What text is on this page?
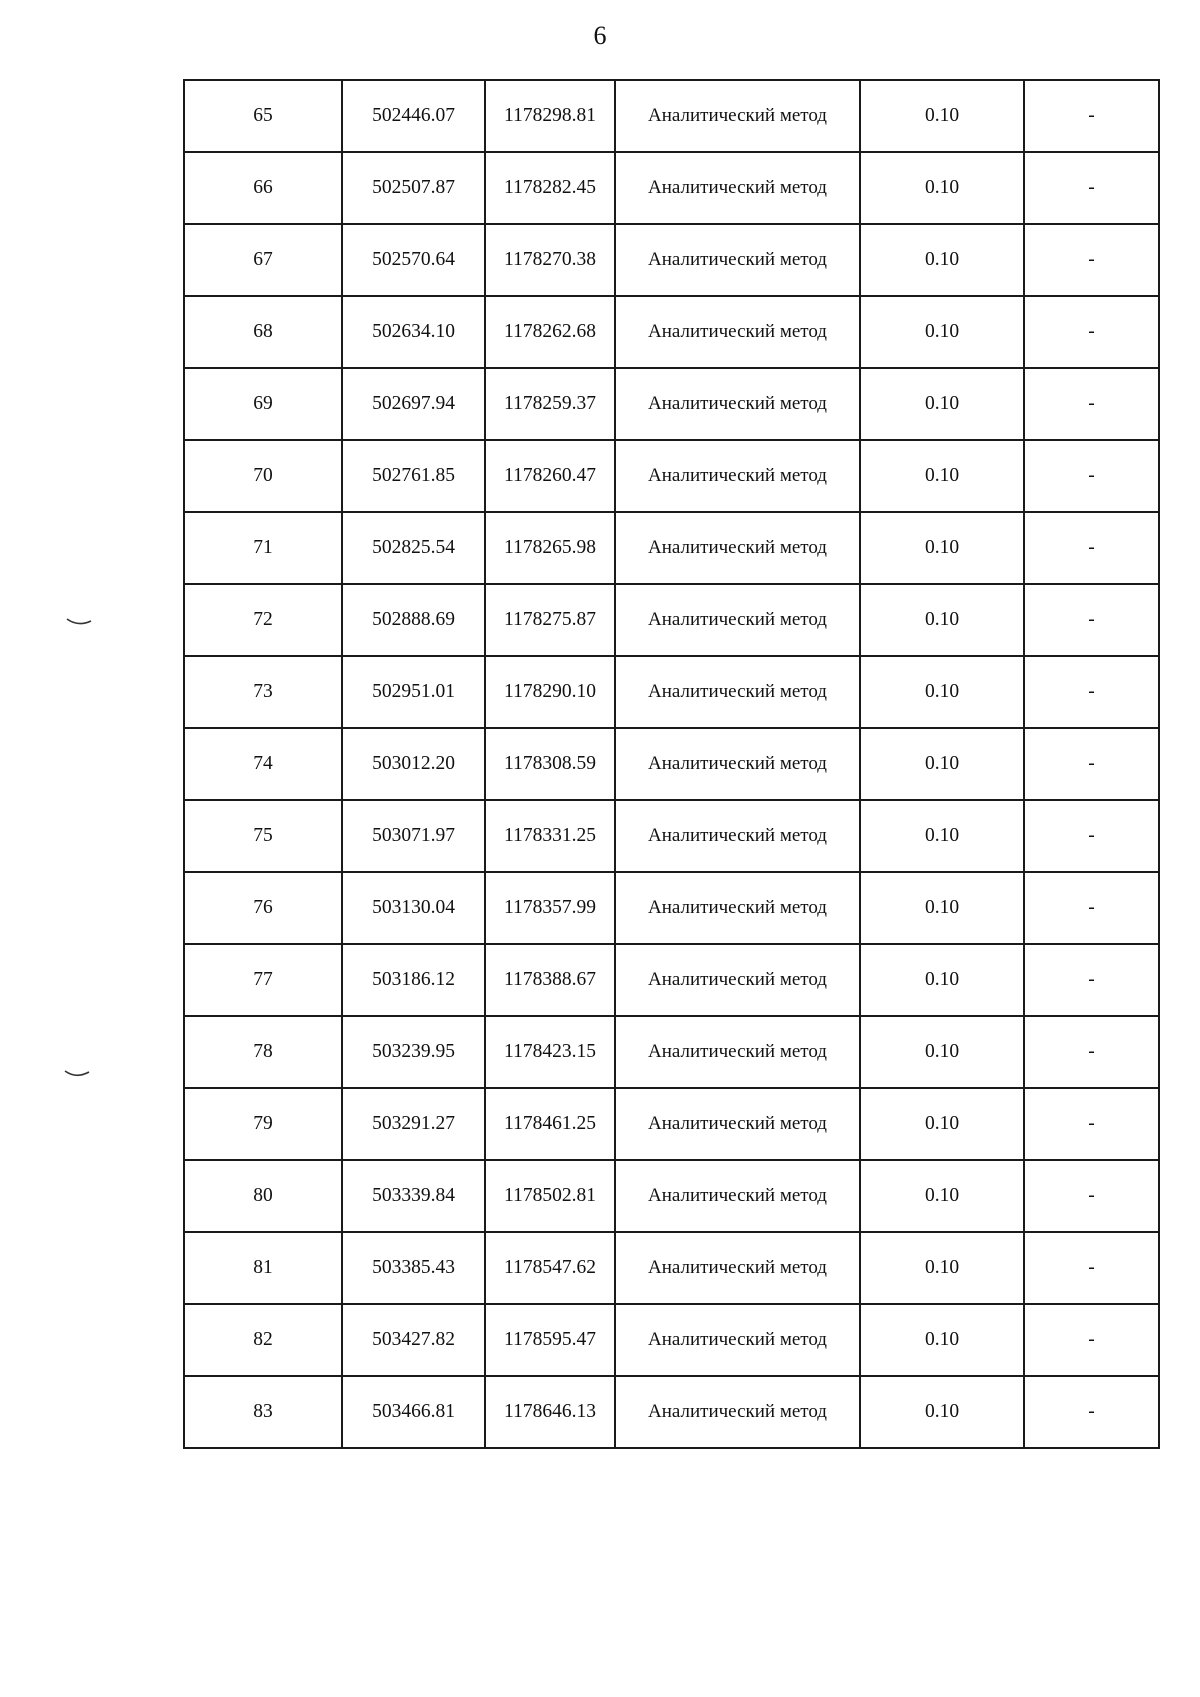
6
65	502446.07	1178298.81	Аналитический метод	0.10	-
66	502507.87	1178282.45	Аналитический метод	0.10	-
67	502570.64	1178270.38	Аналитический метод	0.10	-
68	502634.10	1178262.68	Аналитический метод	0.10	-
69	502697.94	1178259.37	Аналитический метод	0.10	-
70	502761.85	1178260.47	Аналитический метод	0.10	-
71	502825.54	1178265.98	Аналитический метод	0.10	-
72	502888.69	1178275.87	Аналитический метод	0.10	-
73	502951.01	1178290.10	Аналитический метод	0.10	-
74	503012.20	1178308.59	Аналитический метод	0.10	-
75	503071.97	1178331.25	Аналитический метод	0.10	-
76	503130.04	1178357.99	Аналитический метод	0.10	-
77	503186.12	1178388.67	Аналитический метод	0.10	-
78	503239.95	1178423.15	Аналитический метод	0.10	-
79	503291.27	1178461.25	Аналитический метод	0.10	-
80	503339.84	1178502.81	Аналитический метод	0.10	-
81	503385.43	1178547.62	Аналитический метод	0.10	-
82	503427.82	1178595.47	Аналитический метод	0.10	-
83	503466.81	1178646.13	Аналитический метод	0.10	-
